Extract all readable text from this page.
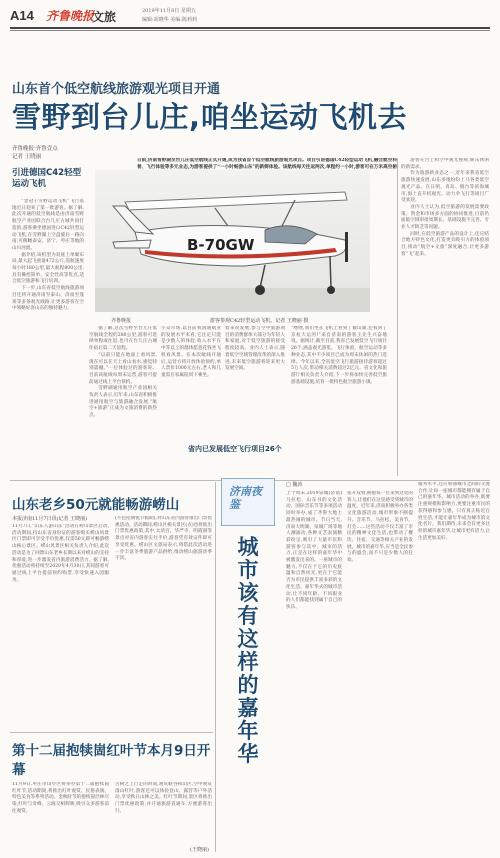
A14 齐鲁晚报
文旅	2019年11月8日 星期五
编辑:胡晓华 美编:陈莉莉
山东首个低空航线旅游观光项目开通
雪野到台儿庄,咱坐运动飞机去
齐鲁晚报·齐鲁壹点
记者 王晓丽
引进德国C42轻型运动飞机
日前,济南雪野湖至台儿庄低空航线正式开通,成为我省首个低空航线旅游观光项目。项目引进德国C42轻型运动飞机,融合航空科普、飞行体验等多元业态,为游客提供了“一小时畅游山东”的新鲜体验。该航线每天往返两次,单程约一小时,游客可在万米高空俯
B-70GW
齐鲁晚报	游客参观C42轻型运动飞机。记者 王晓丽 摄

“金冠子雪野运动飞机”飞行基地近日迎来了第一批游客。据了解,此次开通的低空航线是由济南雪野航空产业园联合台儿庄古城共同打造的,游客乘坐德国进口C42轻型运动飞机,在雪野湖上空盘旋后一路向南,可俯瞰泰安、济宁、枣庄等地的山川河流。

据介绍,该机型为双座上单翼布局,最大起飞重量472公斤,巡航速度每小时180公里,最大航程800公里,具有操控简单、安全性高等优点,适合低空旅游和飞行培训。

下一步,山东省低空航线旅游项目还将开通济南至泰山、济南至蓬莱等多条观光线路,让更多游客在空中领略好客山东的独特魅力。

据了解,这次雪野至台儿庄低空航线全程约280公里,游客可选择单程或往返,也可在台儿庄古城住宿后第二天返程。

“以前只能在地面上看风景,现在可以在天上看山看水,感觉特别震撼。”一位体验过的游客说。目前该航线每周末运营,游客可提前通过线上平台预约。

雪野湖通用航空产业园相关负责人表示,近年来,山东省积极推进通用航空与旅游融合发展,“航空+旅游”正成为文旅消费的新热点。

小众市场,以目前我国通航业的发展水平来看,它注定只能是少数人的体验,收入水平在中等以上的群体愿意花钱坐飞机看风景。在本次航线开通后,运营方将开放体验预约,单人票价1000元左右,老人和儿童需在家属陪同下乘坐。
着来说发展,参与空中旅游项目的消费群体大部分为年轻人和家庭,对于低空旅游的接受程度较高。业内人士表示,随着低空空域管理改革的深入推进,未来低空旅游将迎来更大发展空间。
省内已发展低空飞行项目26个
“嘿嘿,我们坐在飞机上看到了微山湖,还看到了京杭大运河!”来自济南的游客王先生兴奋地说。据统计,截至目前,我省已发展低空飞行项目26个,涵盖观光游览、飞行体验、航空运动等多种业态,其中不少项目已成为周末休闲的热门选择。今年以来,全省低空飞行旅游接待游客超过5万人次,带动相关消费超过2亿元。省文化和旅游厅相关负责人介绍,下一步将加快完善低空旅游基础设施,培育一批特色航空旅游小镇。

游客在台上和空中观光视频,娱乐休闲的新需求。

作为旅游新业态之一,近年来我省低空旅游快速发展,山东多地纷纷上马各类低空观光产品。在日照、青岛、烟台等滨海城市,海上直升机观光、动力伞飞行等项目广受欢迎。

业内人士认为,低空旅游的发展需要政策、资金和市场多方面的协同推进,目前仍面临空域审批周期长、基础设施不完善、专业人才缺乏等问题。

同时,在低空旅游产品的设计上,还应结合地方特色文化,打造更具吸引力的体验项目,推动“航空+文旅”深度融合,让更多游客“飞”起来。

山东老乡50元就能畅游崂山
本报济南11月7日讯(记者 王晓丽)
11月7日,“山东人游山东”活动在崂山景区启动,活动期间,持山东省身份证的游客购买崂山风景区门票即可享受半价优惠,仅需50元即可畅游崂山核心景区。崂山风景区相关负责人介绍,此次活动是为了回馈山东老乡长期以来对崂山的支持和厚爱,进一步激发省内旅游消费活力。据了解,优惠活动将持续至2020年4月30日,其间游客可通过线上平台提前预约购票,享受快速入园服务。
(不包括满悦节假期),对山东省内游客推出门票优惠活动。活动期间,崂山区相关景区(点)也将推出门票优惠政策,其中,太清宫、华严寺、明霞洞等景点对省内游客实行半价,游客凭有效证件即可享受优惠。崂山区文旅局表示,将借此次活动进一步丰富冬季旅游产品供给,推动崂山旅游淡季不淡。
第十二届抱犊崮红叶节本月9日开幕
11月9日,枣庄市山亭区将举办第十二届抱犊崮红叶节,活动期间,将推出红叶观赏、民俗表演、特色美食等系列活动。金秋时节的抱犊崮层林尽染,红叶与奇峰、云海交相辉映,吸引众多游客前往观赏。
古树之上行走的时间,观赏峡谷和山区,空中观赏漫山红叶,游客还可以体验登山、露营等户外活动,享受秋日山林之美。红叶节期间,景区将推出门票优惠政策,并开通旅游直通车,方便游客出行。
(王晓丽)
济南夜鉴
城市该有这样的嘉年华
□ 魏涛
上个周末,2019泉城(济南)马拉松、山东书的文化活动、国际音乐节等多项活动同时举办,成了齐鲁大地上最热闹的城市。节日当天,济南大明湖、泉城广场等地人潮涌动,各种文艺表演精彩纷呈,吸引了大量市民和游客参与其中。城市的活力,正是在这样的嘉年华中被激发出来的。一座城市的魅力,不仅在于它的历史底蕴和自然风光,更在于它能否为市民提供丰富多彩的文化生活。嘉年华式的城市活动,让不同年龄、不同职业的人们都能找到属于自己的快乐。
张开双臂,拥抱每一位来到这里的客人,让他们在这里感受到城市的温度。近年来,济南积极举办各类文化旅游活动,城市形象不断提升。音乐节、马拉松、美食节、灯会……这些活动不仅丰富了市民的精神文化生活,也带动了餐饮、住宿、交通等相关产业的发展。城市的嘉年华,应当是全民参与的盛会,而不只是少数人的狂欢。
服务水平,还应加强城市之间的交流合作,让每一座城市都能拥有属于自己的嘉年华。城市活动的举办,既要注重规模和影响力,更要注重市民的获得感和参与感。只有真正贴近百姓生活,才能让嘉年华成为城市的文化名片。我们期待,未来会有更多这样的城市嘉年华,让城市更有活力,让生活更加美好。
